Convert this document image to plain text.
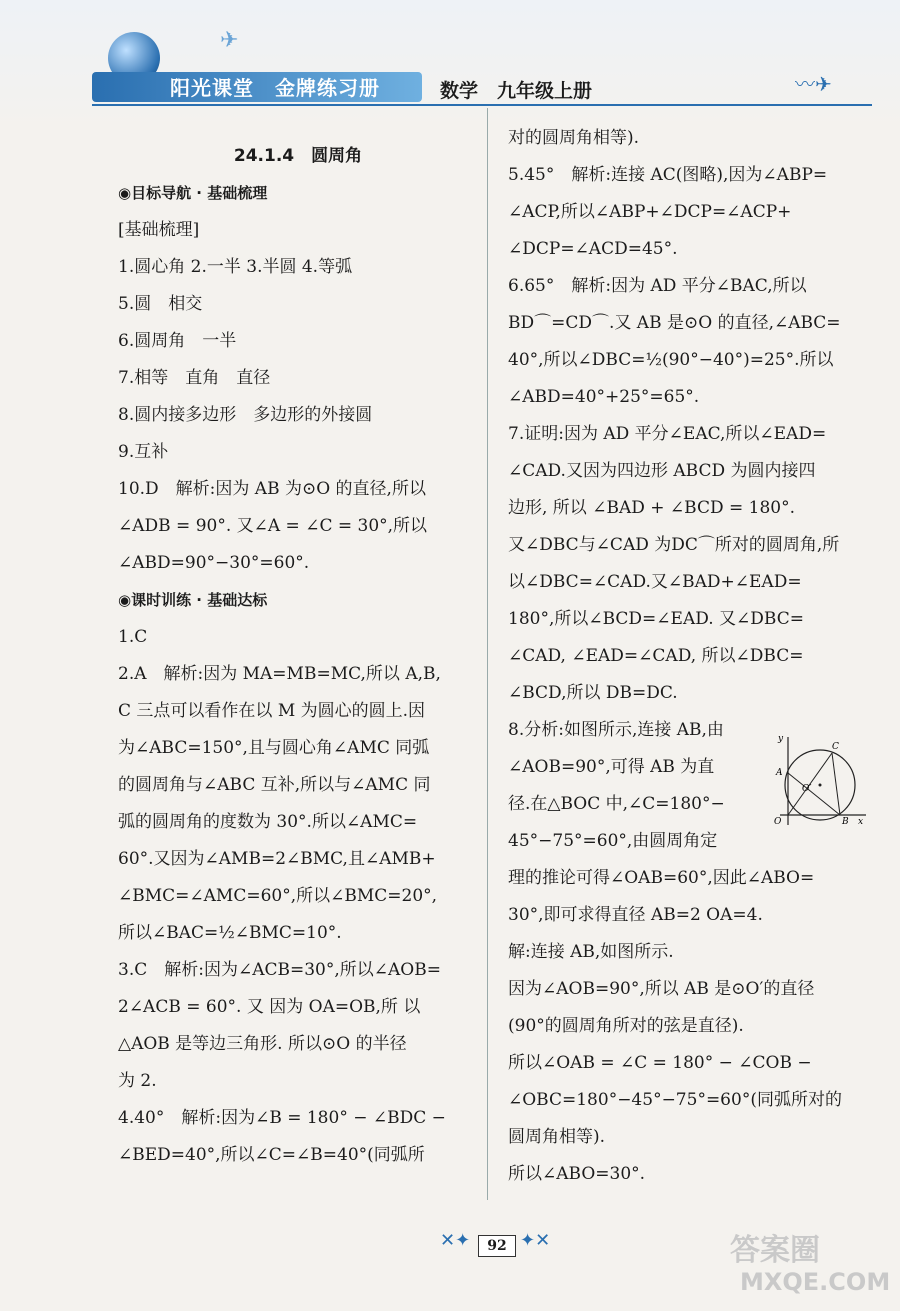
✈
阳光课堂　金牌练习册	数学　九年级上册	〰✈
24.1.4　圆周角
◉目标导航 · 基础梳理
[基础梳理]
1.圆心角 2.一半 3.半圆 4.等弧
5.圆　相交
6.圆周角　一半
7.相等　直角　直径
8.圆内接多边形　多边形的外接圆
9.互补
10.D　解析:因为 AB 为⊙O 的直径,所以
∠ADB = 90°. 又∠A = ∠C = 30°,所以
∠ABD=90°−30°=60°.
◉课时训练 · 基础达标
1.C
2.A　解析:因为 MA=MB=MC,所以 A,B,
C 三点可以看作在以 M 为圆心的圆上.因
为∠ABC=150°,且与圆心角∠AMC 同弧
的圆周角与∠ABC 互补,所以与∠AMC 同
弧的圆周角的度数为 30°.所以∠AMC=
60°.又因为∠AMB=2∠BMC,且∠AMB+
∠BMC=∠AMC=60°,所以∠BMC=20°,
所以∠BAC=½∠BMC=10°.
3.C　解析:因为∠ACB=30°,所以∠AOB=
2∠ACB = 60°. 又 因为 OA=OB,所 以
△AOB 是等边三角形. 所以⊙O 的半径
为 2.
4.40°　解析:因为∠B = 180° − ∠BDC −
∠BED=40°,所以∠C=∠B=40°(同弧所
对的圆周角相等).
5.45°　解析:连接 AC(图略),因为∠ABP=
∠ACP,所以∠ABP+∠DCP=∠ACP+
∠DCP=∠ACD=45°.
6.65°　解析:因为 AD 平分∠BAC,所以
BD⌒=CD⌒.又 AB 是⊙O 的直径,∠ABC=
40°,所以∠DBC=½(90°−40°)=25°.所以
∠ABD=40°+25°=65°.
7.证明:因为 AD 平分∠EAC,所以∠EAD=
∠CAD.又因为四边形 ABCD 为圆内接四
边形, 所以 ∠BAD + ∠BCD = 180°.
又∠DBC与∠CAD 为DC⌒所对的圆周角,所
以∠DBC=∠CAD.又∠BAD+∠EAD=
180°,所以∠BCD=∠EAD. 又∠DBC=
∠CAD, ∠EAD=∠CAD, 所以∠DBC=
∠BCD,所以 DB=DC.
8.分析:如图所示,连接 AB,由
∠AOB=90°,可得 AB 为直
径.在△BOC 中,∠C=180°−
45°−75°=60°,由圆周角定
理的推论可得∠OAB=60°,因此∠ABO=
30°,即可求得直径 AB=2 OA=4.
解:连接 AB,如图所示.
因为∠AOB=90°,所以 AB 是⊙O′的直径
(90°的圆周角所对的弦是直径).
所以∠OAB = ∠C = 180° − ∠COB −
∠OBC=180°−45°−75°=60°(同弧所对的
圆周角相等).
所以∠ABO=30°.
y
A
C
O′
O	B x
✕✦	92 ✦✕	答案圈
MXQE.COM
